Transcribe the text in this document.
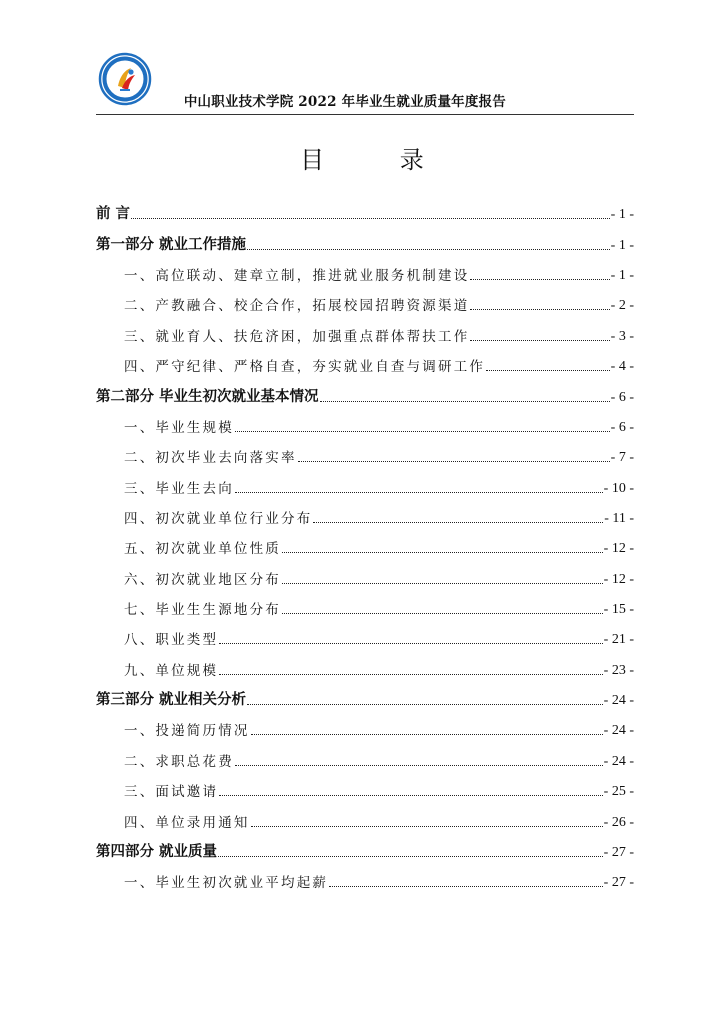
中山职业技术学院 2022 年毕业生就业质量年度报告
目 录
前 言	- 1 -
第一部分 就业工作措施	- 1 -
一、高位联动、建章立制，推进就业服务机制建设	- 1 -
二、产教融合、校企合作，拓展校园招聘资源渠道	- 2 -
三、就业育人、扶危济困，加强重点群体帮扶工作	- 3 -
四、严守纪律、严格自查，夯实就业自查与调研工作	- 4 -
第二部分 毕业生初次就业基本情况	- 6 -
一、毕业生规模	- 6 -
二、初次毕业去向落实率	- 7 -
三、毕业生去向	- 10 -
四、初次就业单位行业分布	- 11 -
五、初次就业单位性质	- 12 -
六、初次就业地区分布	- 12 -
七、毕业生生源地分布	- 15 -
八、职业类型	- 21 -
九、单位规模	- 23 -
第三部分 就业相关分析	- 24 -
一、投递简历情况	- 24 -
二、求职总花费	- 24 -
三、面试邀请	- 25 -
四、单位录用通知	- 26 -
第四部分 就业质量	- 27 -
一、毕业生初次就业平均起薪	- 27 -
